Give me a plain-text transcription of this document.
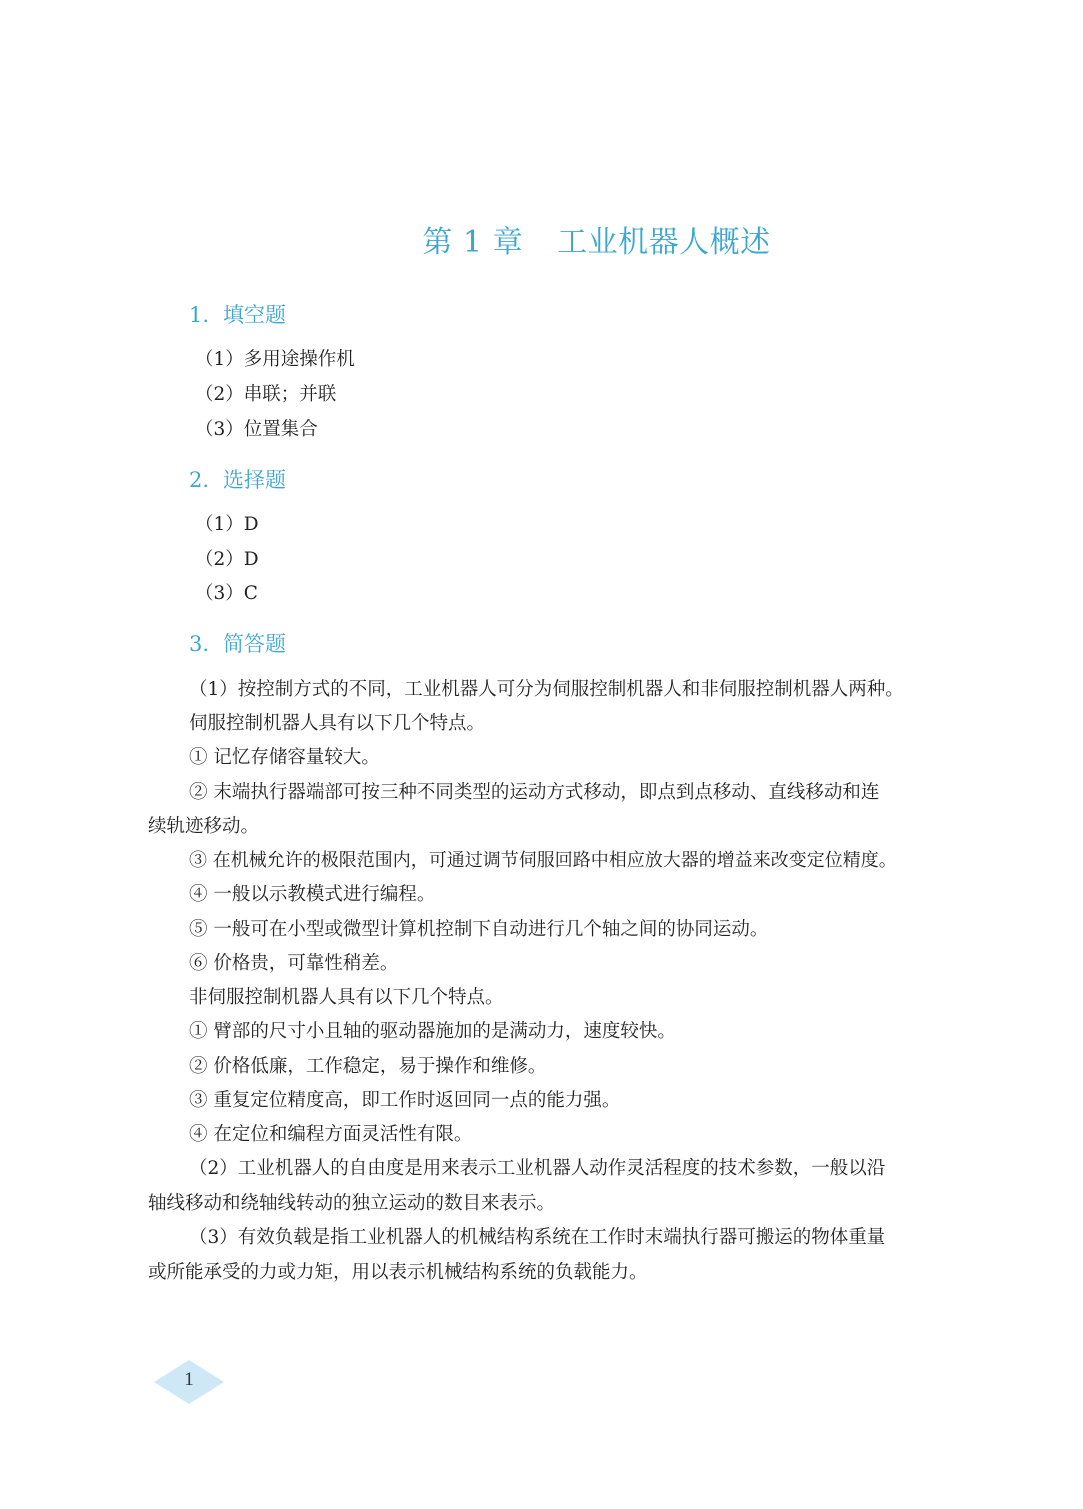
第 1 章 工业机器人概述
1. 填空题
（1）多用途操作机
（2）串联；并联
（3）位置集合
2. 选择题
（1）D
（2）D
（3）C
3. 简答题
（1）按控制方式的不同，工业机器人可分为伺服控制机器人和非伺服控制机器人两种。
伺服控制机器人具有以下几个特点。
① 记忆存储容量较大。
② 末端执行器端部可按三种不同类型的运动方式移动，即点到点移动、直线移动和连
续轨迹移动。
③ 在机械允许的极限范围内，可通过调节伺服回路中相应放大器的增益来改变定位精度。
④ 一般以示教模式进行编程。
⑤ 一般可在小型或微型计算机控制下自动进行几个轴之间的协同运动。
⑥ 价格贵，可靠性稍差。
非伺服控制机器人具有以下几个特点。
① 臂部的尺寸小且轴的驱动器施加的是满动力，速度较快。
② 价格低廉，工作稳定，易于操作和维修。
③ 重复定位精度高，即工作时返回同一点的能力强。
④ 在定位和编程方面灵活性有限。
（2）工业机器人的自由度是用来表示工业机器人动作灵活程度的技术参数，一般以沿
轴线移动和绕轴线转动的独立运动的数目来表示。
（3）有效负载是指工业机器人的机械结构系统在工作时末端执行器可搬运的物体重量
或所能承受的力或力矩，用以表示机械结构系统的负载能力。
1
